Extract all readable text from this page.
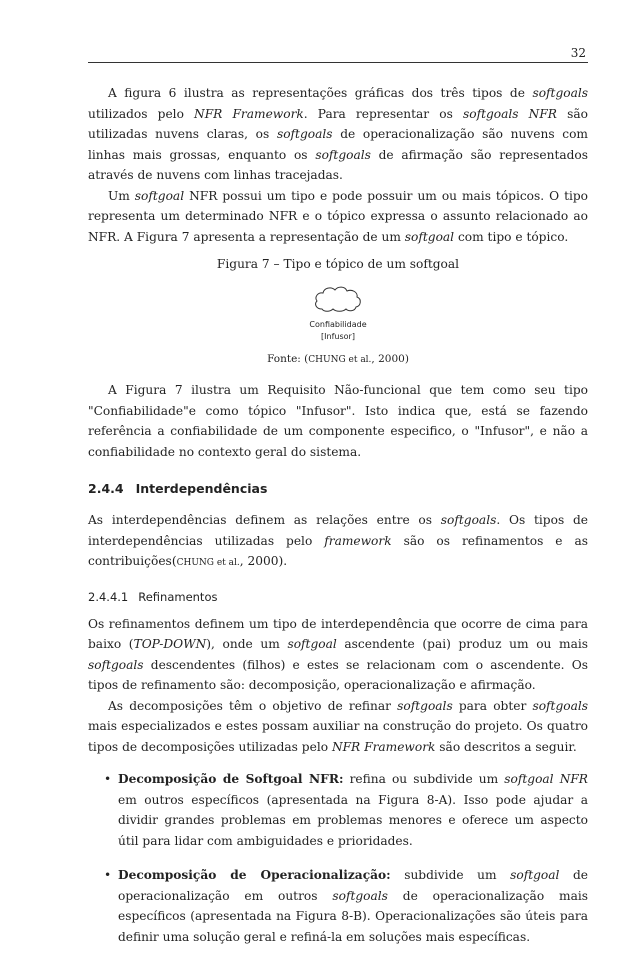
32

A figura 6 ilustra as representações gráficas dos três tipos de softgoals utilizados pelo NFR Framework. Para representar os softgoals NFR são utilizadas nuvens claras, os softgoals de operacionalização são nuvens com linhas mais grossas, enquanto os softgoals de afirmação são representados através de nuvens com linhas tracejadas.

Um softgoal NFR possui um tipo e pode possuir um ou mais tópicos. O tipo representa um determinado NFR e o tópico expressa o assunto relacionado ao NFR. A Figura 7 apresenta a representação de um softgoal com tipo e tópico.

Figura 7 – Tipo e tópico de um softgoal
Confiabilidade
[Infusor]
Fonte: (CHUNG et al., 2000)

A Figura 7 ilustra um Requisito Não-funcional que tem como seu tipo "Confiabilidade"e como tópico "Infusor". Isto indica que, está se fazendo referência a confiabilidade de um componente especifico, o "Infusor", e não a confiabilidade no contexto geral do sistema.

2.4.4 Interdependências

As interdependências definem as relações entre os softgoals. Os tipos de interdependências utilizadas pelo framework são os refinamentos e as contribuições(CHUNG et al., 2000).

2.4.4.1 Refinamentos

Os refinamentos definem um tipo de interdependência que ocorre de cima para baixo (TOP-DOWN), onde um softgoal ascendente (pai) produz um ou mais softgoals descendentes (filhos) e estes se relacionam com o ascendente. Os tipos de refinamento são: decomposição, operacionalização e afirmação.

As decomposições têm o objetivo de refinar softgoals para obter softgoals mais especializados e estes possam auxiliar na construção do projeto. Os quatro tipos de decomposições utilizadas pelo NFR Framework são descritos a seguir.

• Decomposição de Softgoal NFR: refina ou subdivide um softgoal NFR em outros específicos (apresentada na Figura 8-A). Isso pode ajudar a dividir grandes problemas em problemas menores e oferece um aspecto útil para lidar com ambiguidades e prioridades.

• Decomposição de Operacionalização: subdivide um softgoal de operacionalização em outros softgoals de operacionalização mais específicos (apresentada na Figura 8-B). Operacionalizações são úteis para definir uma solução geral e refiná-la em soluções mais específicas.
